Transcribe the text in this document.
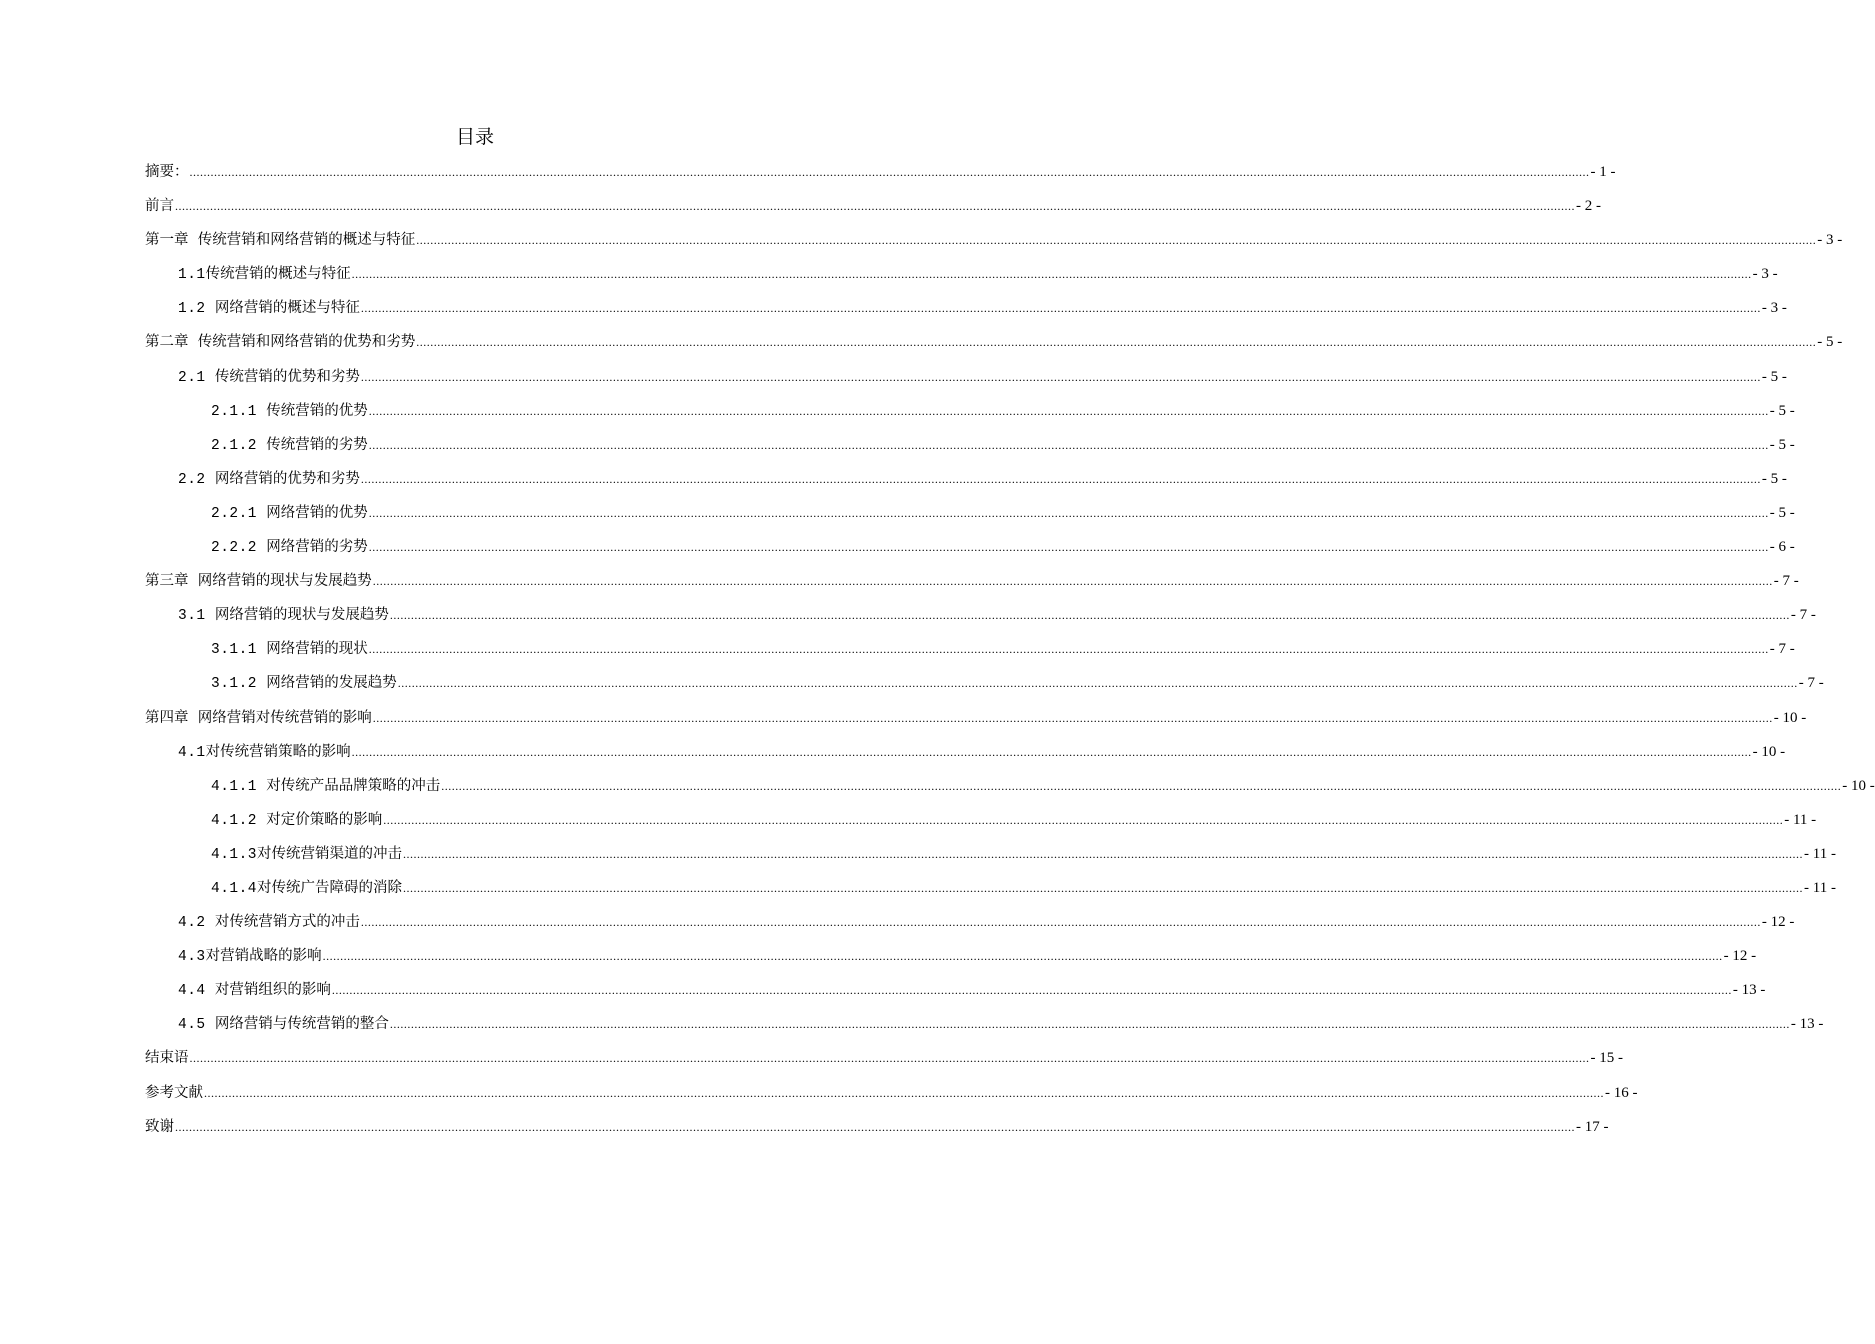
目录
摘要： ................................................................................................................................................................................................................................................................................................................................................................................................................ - 1 -
前言 ................................................................................................................................................................................................................................................................................................................................................................................................................ - 2 -
第一章  传统营销和网络营销的概述与特征 ................................................................................................................................................................................................................................................................................................................................................................................................................ - 3 -
1.1传统营销的概述与特征 ................................................................................................................................................................................................................................................................................................................................................................................................................ - 3 -
1.2  网络营销的概述与特征 ................................................................................................................................................................................................................................................................................................................................................................................................................ - 3 -
第二章  传统营销和网络营销的优势和劣势 ................................................................................................................................................................................................................................................................................................................................................................................................................ - 5 -
2.1  传统营销的优势和劣势 ................................................................................................................................................................................................................................................................................................................................................................................................................ - 5 -
2.1.1  传统营销的优势 ................................................................................................................................................................................................................................................................................................................................................................................................................ - 5 -
2.1.2  传统营销的劣势 ................................................................................................................................................................................................................................................................................................................................................................................................................ - 5 -
2.2  网络营销的优势和劣势 ................................................................................................................................................................................................................................................................................................................................................................................................................ - 5 -
2.2.1  网络营销的优势 ................................................................................................................................................................................................................................................................................................................................................................................................................ - 5 -
2.2.2  网络营销的劣势 ................................................................................................................................................................................................................................................................................................................................................................................................................ - 6 -
第三章  网络营销的现状与发展趋势 ................................................................................................................................................................................................................................................................................................................................................................................................................ - 7 -
3.1  网络营销的现状与发展趋势 ................................................................................................................................................................................................................................................................................................................................................................................................................ - 7 -
3.1.1  网络营销的现状 ................................................................................................................................................................................................................................................................................................................................................................................................................ - 7 -
3.1.2  网络营销的发展趋势 ................................................................................................................................................................................................................................................................................................................................................................................................................ - 7 -
第四章  网络营销对传统营销的影响 ................................................................................................................................................................................................................................................................................................................................................................................................................ - 10 -
4.1对传统营销策略的影响 ................................................................................................................................................................................................................................................................................................................................................................................................................ - 10 -
4.1.1  对传统产品品牌策略的冲击 ................................................................................................................................................................................................................................................................................................................................................................................................................ - 10 -
4.1.2  对定价策略的影响 ................................................................................................................................................................................................................................................................................................................................................................................................................ - 11 -
4.1.3对传统营销渠道的冲击 ................................................................................................................................................................................................................................................................................................................................................................................................................ - 11 -
4.1.4对传统广告障碍的消除 ................................................................................................................................................................................................................................................................................................................................................................................................................ - 11 -
4.2  对传统营销方式的冲击 ................................................................................................................................................................................................................................................................................................................................................................................................................ - 12 -
4.3对营销战略的影响 ................................................................................................................................................................................................................................................................................................................................................................................................................ - 12 -
4.4  对营销组织的影响 ................................................................................................................................................................................................................................................................................................................................................................................................................ - 13 -
4.5  网络营销与传统营销的整合 ................................................................................................................................................................................................................................................................................................................................................................................................................ - 13 -
结束语 ................................................................................................................................................................................................................................................................................................................................................................................................................ - 15 -
参考文献 ................................................................................................................................................................................................................................................................................................................................................................................................................ - 16 -
致谢 ................................................................................................................................................................................................................................................................................................................................................................................................................ - 17 -
